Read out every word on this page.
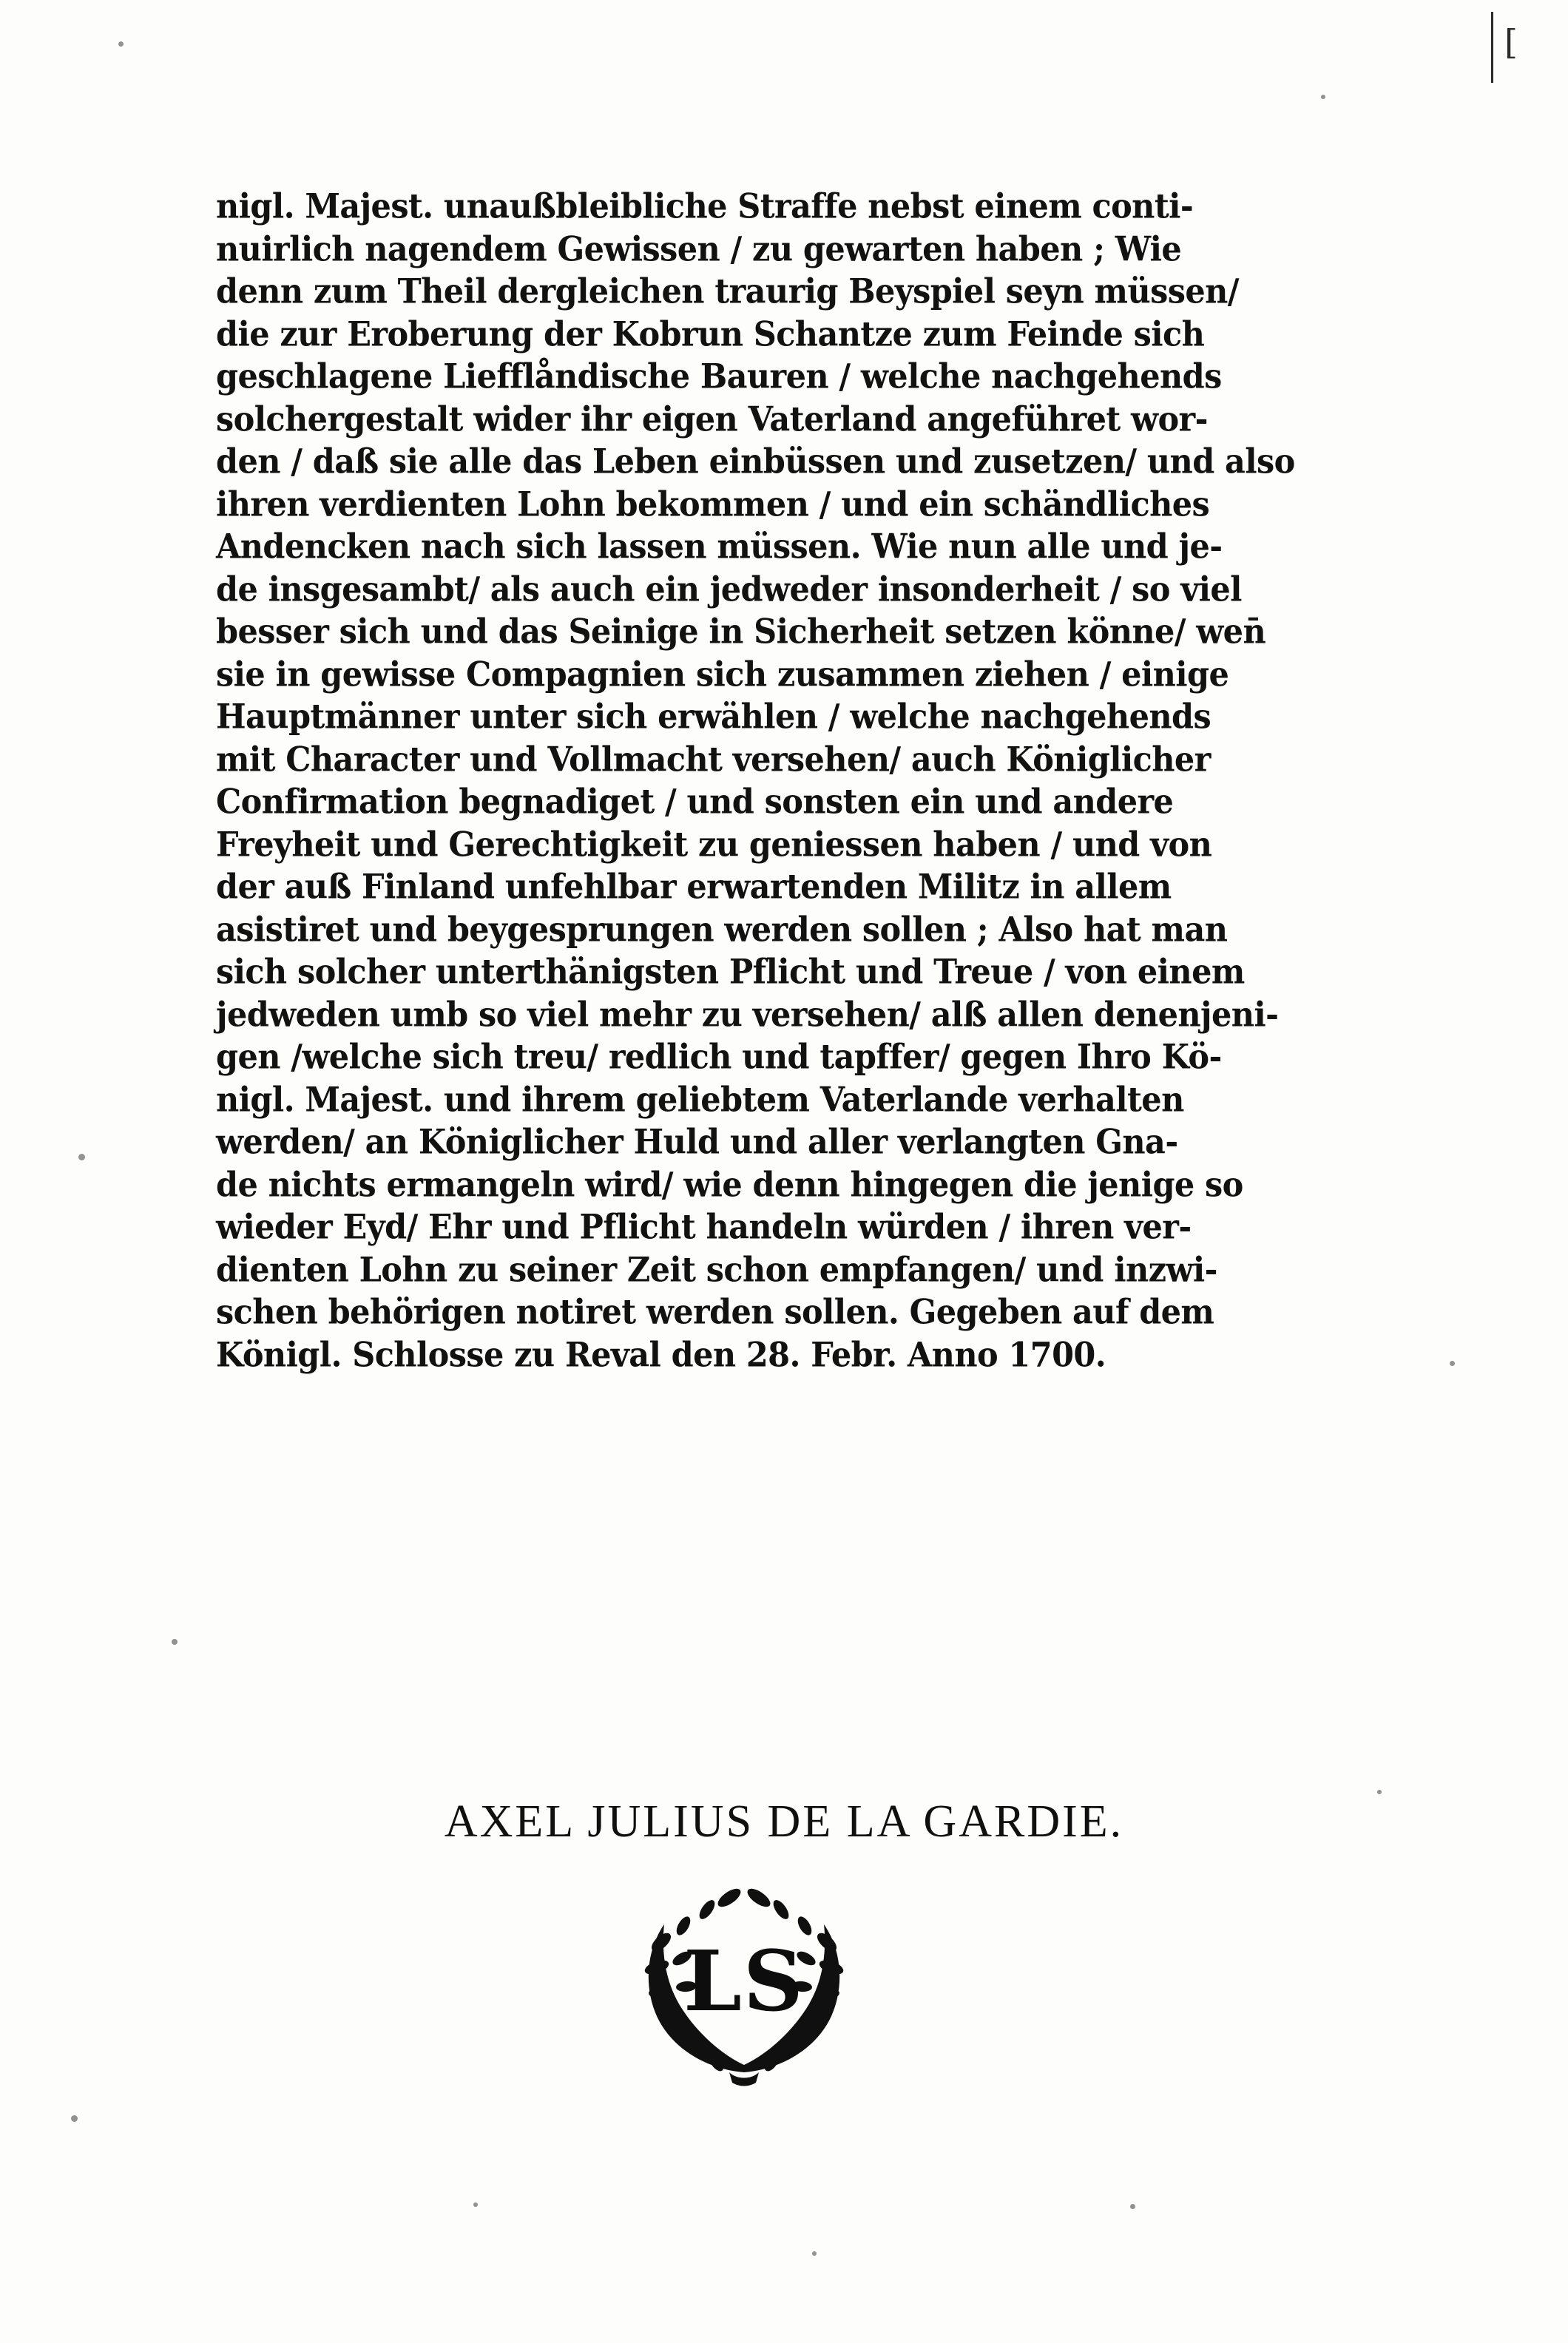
[
nigl. Majest. unaußbleibliche Straffe nebst einem conti-
nuirlich nagendem Gewissen / zu gewarten haben ; Wie
denn zum Theil dergleichen traurig Beyspiel seyn müssen/
die zur Eroberung der Kobrun Schantze zum Feinde sich
geschlagene Liefflåndische Bauren / welche nachgehends
solchergestalt wider ihr eigen Vaterland angeführet wor-
den / daß sie alle das Leben einbüssen und zusetzen/ und also
ihren verdienten Lohn bekommen / und ein schändliches
Andencken nach sich lassen müssen. Wie nun alle und je-
de insgesambt/ als auch ein jedweder insonderheit / so viel
besser sich und das Seinige in Sicherheit setzen könne/ wen̄
sie in gewisse Compagnien sich zusammen ziehen / einige
Hauptmänner unter sich erwählen / welche nachgehends
mit Character und Vollmacht versehen/ auch Königlicher
Confirmation begnadiget / und sonsten ein und andere
Freyheit und Gerechtigkeit zu geniessen haben / und von
der auß Finland unfehlbar erwartenden Militz in allem
asistiret und beygesprungen werden sollen ; Also hat man
sich solcher unterthänigsten Pflicht und Treue / von einem
jedweden umb so viel mehr zu versehen/ alß allen denenjeni-
gen /welche sich treu/ redlich und tapffer/ gegen Ihro Kö-
nigl. Majest. und ihrem geliebtem Vaterlande verhalten
werden/ an Königlicher Huld und aller verlangten Gna-
de nichts ermangeln wird/ wie denn hingegen die jenige so
wieder Eyd/ Ehr und Pflicht handeln würden / ihren ver-
dienten Lohn zu seiner Zeit schon empfangen/ und inzwi-
schen behörigen notiret werden sollen. Gegeben auf dem
Königl. Schlosse zu Reval den 28. Febr. Anno 1700.
AXEL JULIUS DE LA GARDIE.
LS
